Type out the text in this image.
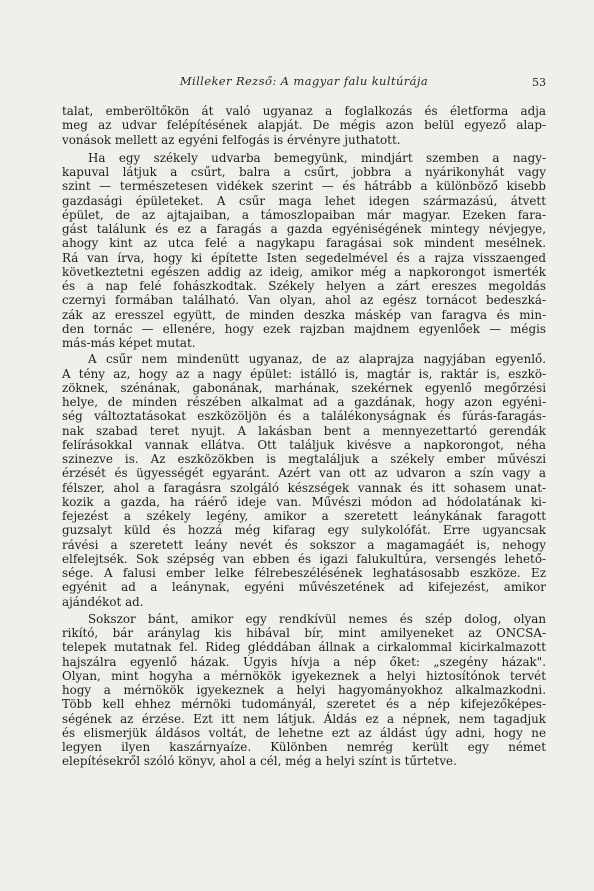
Milleker Rezső: A magyar falu kultúrája	53
talat, emberöltőkön át való ugyanaz a foglalkozás és életforma adja
meg az udvar felépítésének alapját. De mégis azon belül egyező alap-
vonások mellett az egyéni felfogás is érvényre juthatott.
Ha egy székely udvarba bemegyünk, mindjárt szemben a nagy-
kapuval látjuk a csűrt, balra a csűrt, jobbra a nyárikonyhát vagy
szint — természetesen vidékek szerint — és hátrább a különböző kisebb
gazdasági épületeket. A csűr maga lehet idegen származású, átvett
épület, de az ajtajaiban, a támoszlopaiban már magyar. Ezeken fara-
gást találunk és ez a faragás a gazda egyéniségének mintegy névjegye,
ahogy kint az utca felé a nagykapu faragásai sok mindent mesélnek.
Rá van írva, hogy ki építette Isten segedelmével és a rajza visszaenged
következtetni egészen addig az ideig, amikor még a napkorongot ismerték
és a nap felé fohászkodtak. Székely helyen a zárt ereszes megoldás
czernyi formában található. Van olyan, ahol az egész tornácot bedeszká-
zák az eresszel együtt, de minden deszka máskép van faragva és min-
den tornác — ellenére, hogy ezek rajzban majdnem egyenlőek — mégis
más-más képet mutat.
A csűr nem mindenütt ugyanaz, de az alaprajza nagyjában egyenlő.
A tény az, hogy az a nagy épület: istálló is, magtár is, raktár is, eszkö-
zöknek, szénának, gabonának, marhának, szekérnek egyenlő megőrzési
helye, de minden részében alkalmat ad a gazdának, hogy azon egyéni-
ség változtatásokat eszközöljön és a találékonyságnak és fúrás-faragás-
nak szabad teret nyujt. A lakásban bent a mennyezettartó gerendák
felírásokkal vannak ellátva. Ott találjuk kivésve a napkorongot, néha
szinezve is. Az eszközökben is megtaláljuk a székely ember művészi
érzését és ügyességét egyaránt. Azért van ott az udvaron a szín vagy a
félszer, ahol a faragásra szolgáló készségek vannak és itt sohasem unat-
kozik a gazda, ha ráérő ideje van. Művészi módon ad hódolatának ki-
fejezést a székely legény, amikor a szeretett leánykának faragott
guzsalyt küld és hozzá még kifarag egy sulykolófát. Erre ugyancsak
rávési a szeretett leány nevét és sokszor a magamagáét is, nehogy
elfelejtsék. Sok szépség van ebben és igazi falukultúra, versengés lehető-
sége. A falusi ember lelke félrebeszélésének leghatásosabb eszköze. Ez
egyénit ad a leánynak, egyéni művészetének ad kifejezést, amikor
ajándékot ad.
Sokszor bánt, amikor egy rendkívül nemes és szép dolog, olyan
rikító, bár aránylag kis hibával bír, mint amilyeneket az ONCSA-
telepek mutatnak fel. Rideg gléddában állnak a cirkalommal kicirkalmazott
hajszálra egyenlő házak. Úgyis hívja a nép őket: „szegény házak".
Olyan, mint hogyha a mérnökök igyekeznek a helyi hiztosítónok tervét
hogy a mérnökök igyekeznek a helyi hagyományokhoz alkalmazkodni.
Több kell ehhez mérnöki tudományál, szeretet és a nép kifejezőképes-
ségének az érzése. Ezt itt nem látjuk. Áldás ez a népnek, nem tagadjuk
és elismerjük áldásos voltát, de lehetne ezt az áldást úgy adni, hogy ne
legyen ilyen kaszárnyaíze. Különben nemrég került egy német
elepítésekről szóló könyv, ahol a cél, még a helyi színt is tűrtetve.
